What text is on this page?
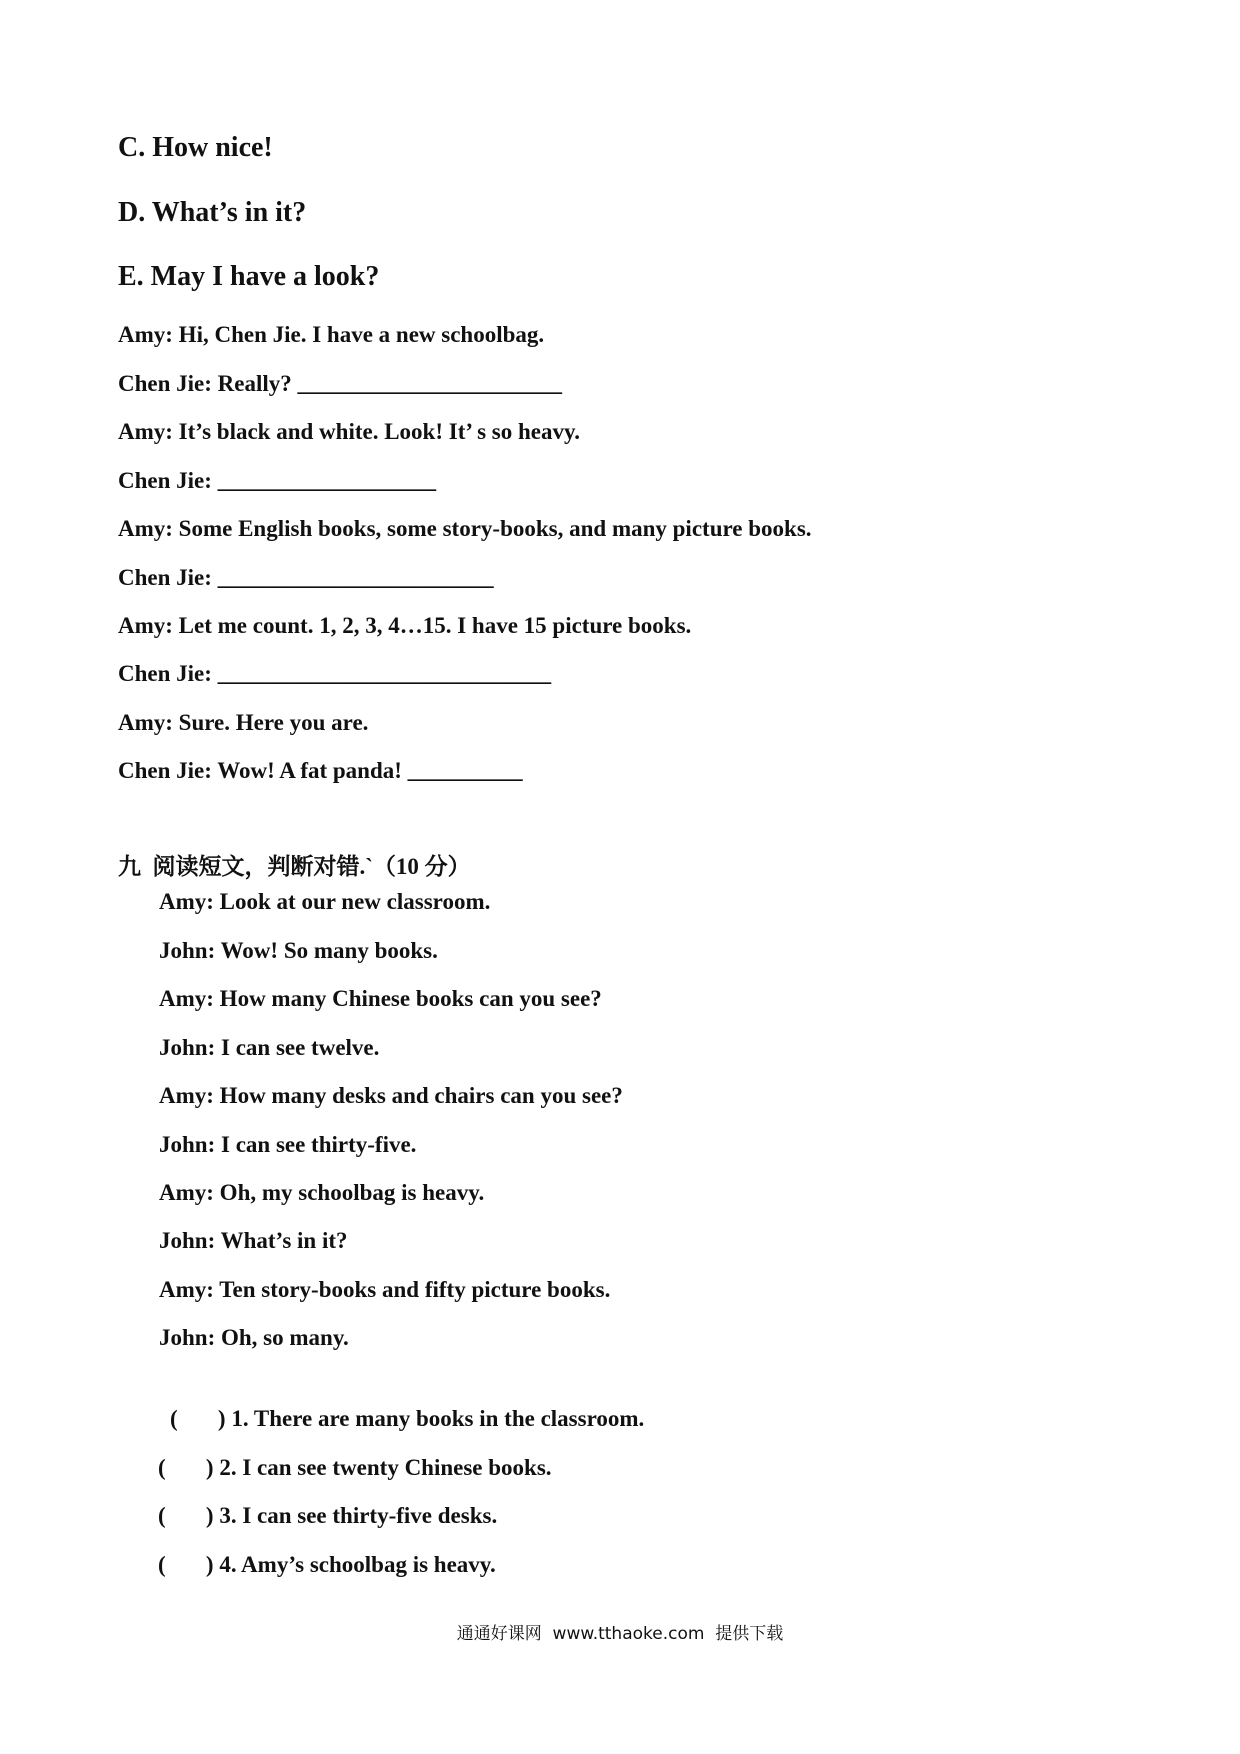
C. How nice!
D. What’s in it?
E. May I have a look?
Amy: Hi, Chen Jie. I have a new schoolbag.
Chen Jie: Really? _______________________
Amy: It’s black and white. Look! It’ s so heavy.
Chen Jie: ___________________
Amy: Some English books, some story-books, and many picture books.
Chen Jie: ________________________
Amy: Let me count. 1, 2, 3, 4…15. I have 15 picture books.
Chen Jie: _____________________________
Amy: Sure. Here you are.
Chen Jie: Wow! A fat panda! __________
九  阅读短文，判断对错.`（10 分）
Amy: Look at our new classroom.
John: Wow! So many books.
Amy: How many Chinese books can you see?
John: I can see twelve.
Amy: How many desks and chairs can you see?
John: I can see thirty-five.
Amy: Oh, my schoolbag is heavy.
John: What’s in it?
Amy: Ten story-books and fifty picture books.
John: Oh, so many.
(       ) 1. There are many books in the classroom.
(       ) 2. I can see twenty Chinese books.
(       ) 3. I can see thirty-five desks.
(       ) 4. Amy’s schoolbag is heavy.
通通好课网  www.tthaoke.com  提供下载
